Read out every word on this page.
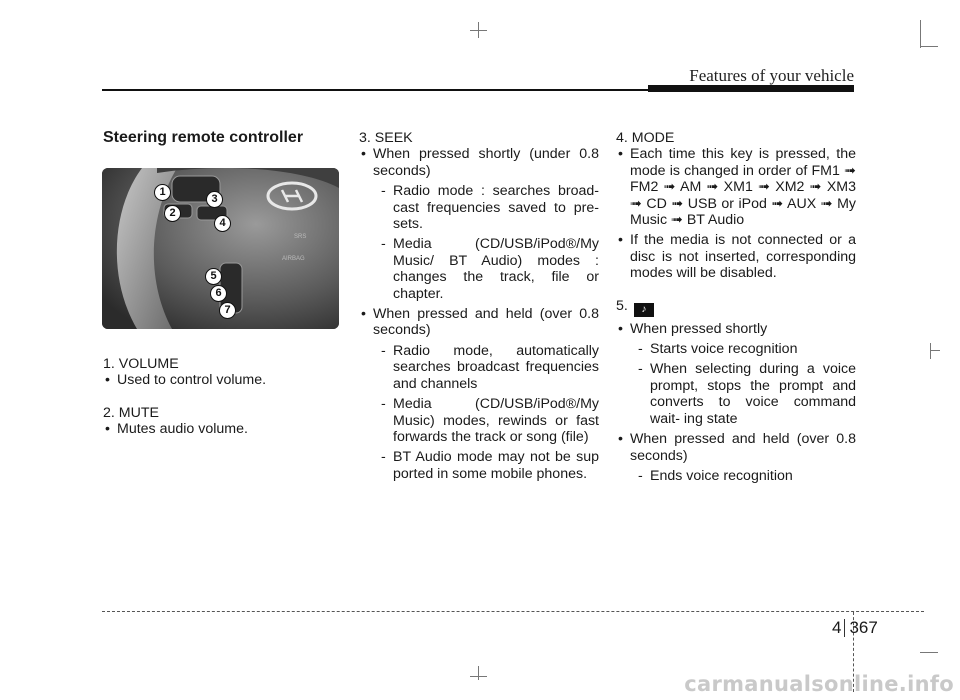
Features of your vehicle

Steering remote controller

SRS
AIRBAG
1
2
3
4
5
6
7

1. VOLUME

• Used to control volume.

2. MUTE

• Mutes audio volume.

3. SEEK

• When pressed shortly (under 0.8 seconds)

- Radio mode : searches broad- cast frequencies saved to pre- sets.

- Media (CD/USB/iPod®/My Music/ BT Audio) modes : changes the track, file or chapter.

• When pressed and held (over 0.8 seconds)

- Radio mode, automatically searches broadcast frequencies and channels

- Media (CD/USB/iPod®/My Music) modes, rewinds or fast forwards the track or song (file)

- BT Audio mode may not be sup ported in some mobile phones.

4. MODE

• Each time this key is pressed, the mode is changed in order of FM1 ➟ FM2 ➟ AM ➟ XM1 ➟ XM2 ➟ XM3 ➟ CD ➟ USB or iPod ➟ AUX ➟ My Music ➟ BT Audio

• If the media is not connected or a disc is not inserted, corresponding modes will be disabled.

5. ♪

• When pressed shortly

- Starts voice recognition

- When selecting during a voice prompt, stops the prompt and converts to voice command wait- ing state

• When pressed and held (over 0.8 seconds)

- Ends voice recognition

4 367
carmanualsonline.info
